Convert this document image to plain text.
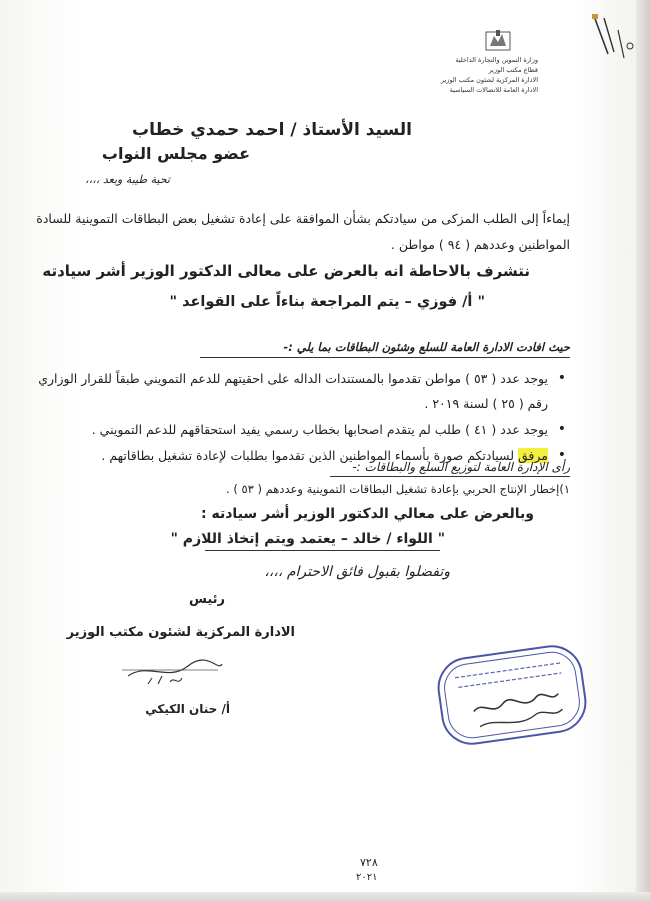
وزارة التموين والتجارة الداخلية
قطاع مكتب الوزير
الادارة المركزية لشئون مكتب الوزير
الادارة العامة للاتصالات السياسية
السيد الأستاذ / احمد حمدي خطاب
عضو مجلس النواب
تحية طيبة وبعد ،،،،
إيماءاً إلى الطلب المزكى من سيادتكم بشأن الموافقة على إعادة تشغيل بعض البطاقات التموينية للسادة المواطنين وعددهم ( ٩٤ ) مواطن .
نتشرف بالاحاطة انه بالعرض على معالى الدكتور الوزير أشر سيادته
" أ/ فوزي – يتم المراجعة بناءاً على القواعد "
حيث افادت الادارة العامة للسلع وشئون البطاقات بما يلي :-
• يوجد عدد ( ٥٣ ) مواطن تقدموا بالمستندات الداله على احقيتهم للدعم التمويني طبقاً للقرار الوزاري رقم ( ٢٥ ) لسنة ٢٠١٩ .
• يوجد عدد ( ٤١ ) طلب لم يتقدم اصحابها بخطاب رسمي يفيد استحقاقهم للدعم التمويني .
• مرفق لسيادتكم صورة بأسماء المواطنين الذين تقدموا بطلبات لإعادة تشغيل بطاقاتهم .
رأى الإدارة العامة لتوزيع السلع والبطاقات :-
١)إخطار الإنتاج الحربي بإعادة تشغيل البطاقات التموينية وعددهم ( ٥٣ ) .
وبالعرض على معالي الدكتور الوزير أشر سيادته :
" اللواء / خالد – يعتمد ويتم إتخاذ اللازم "
وتفضلوا بقبول فائق الاحترام ،،،،
رئيس
الادارة المركزية لشئون مكتب الوزير
أ/ حنان الكيكي
٧٢٨
٢٠٢١
